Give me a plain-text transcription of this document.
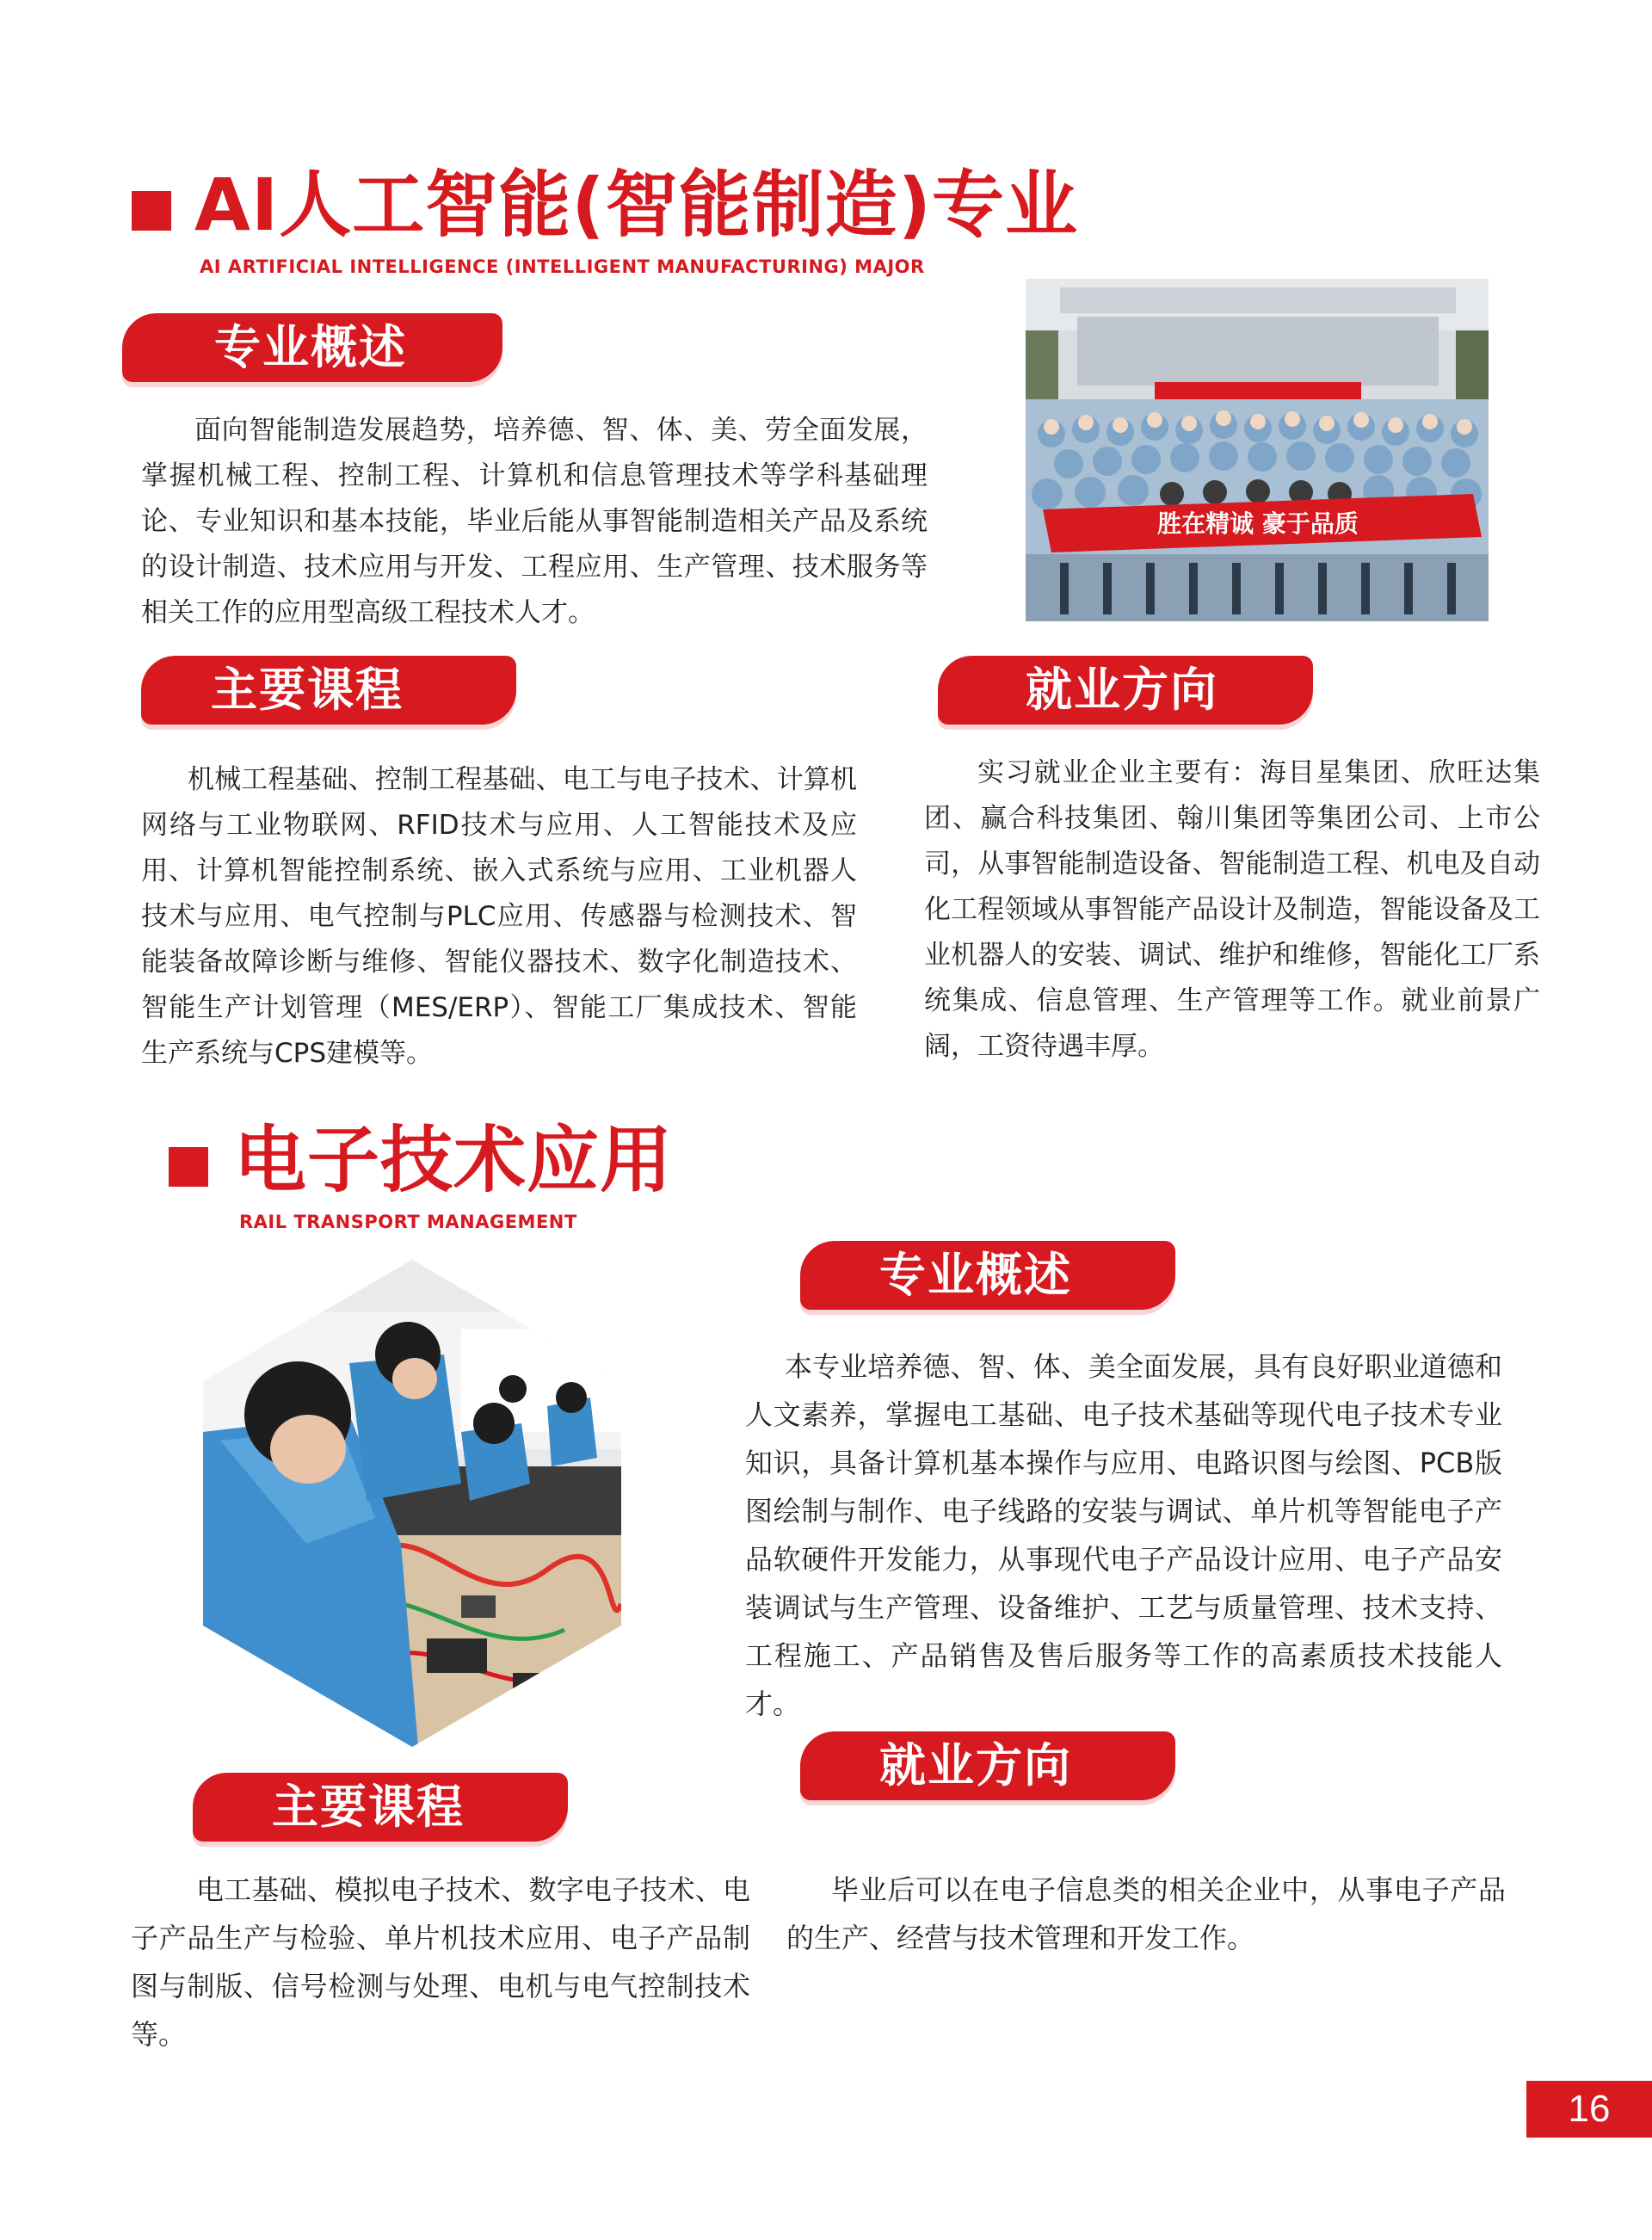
AI人工智能(智能制造)专业
AI ARTIFICIAL INTELLIGENCE (INTELLIGENT MANUFACTURING) MAJOR
专业概述
面向智能制造发展趋势，培养德、智、体、美、劳全面发展，掌握机械工程、控制工程、计算机和信息管理技术等学科基础理论、专业知识和基本技能，毕业后能从事智能制造相关产品及系统的设计制造、技术应用与开发、工程应用、生产管理、技术服务等相关工作的应用型高级工程技术人才。
胜在精诚 豪于品质
主要课程
机械工程基础、控制工程基础、电工与电子技术、计算机网络与工业物联网、RFID技术与应用、人工智能技术及应用、计算机智能控制系统、嵌入式系统与应用、工业机器人技术与应用、电气控制与PLC应用、传感器与检测技术、智能装备故障诊断与维修、智能仪器技术、数字化制造技术、智能生产计划管理（MES/ERP）、智能工厂集成技术、智能生产系统与CPS建模等。
就业方向
实习就业企业主要有：海目星集团、欣旺达集团、赢合科技集团、翰川集团等集团公司、上市公司，从事智能制造设备、智能制造工程、机电及自动化工程领域从事智能产品设计及制造，智能设备及工业机器人的安装、调试、维护和维修，智能化工厂系统集成、信息管理、生产管理等工作。就业前景广阔，工资待遇丰厚。
电子技术应用
RAIL TRANSPORT MANAGEMENT
专业概述
本专业培养德、智、体、美全面发展，具有良好职业道德和人文素养，掌握电工基础、电子技术基础等现代电子技术专业知识，具备计算机基本操作与应用、电路识图与绘图、PCB版图绘制与制作、电子线路的安装与调试、单片机等智能电子产品软硬件开发能力，从事现代电子产品设计应用、电子产品安装调试与生产管理、设备维护、工艺与质量管理、技术支持、工程施工、产品销售及售后服务等工作的高素质技术技能人才。
主要课程
电工基础、模拟电子技术、数字电子技术、电子产品生产与检验、单片机技术应用、电子产品制图与制版、信号检测与处理、电机与电气控制技术等。
就业方向
毕业后可以在电子信息类的相关企业中，从事电子产品的生产、经营与技术管理和开发工作。
16
